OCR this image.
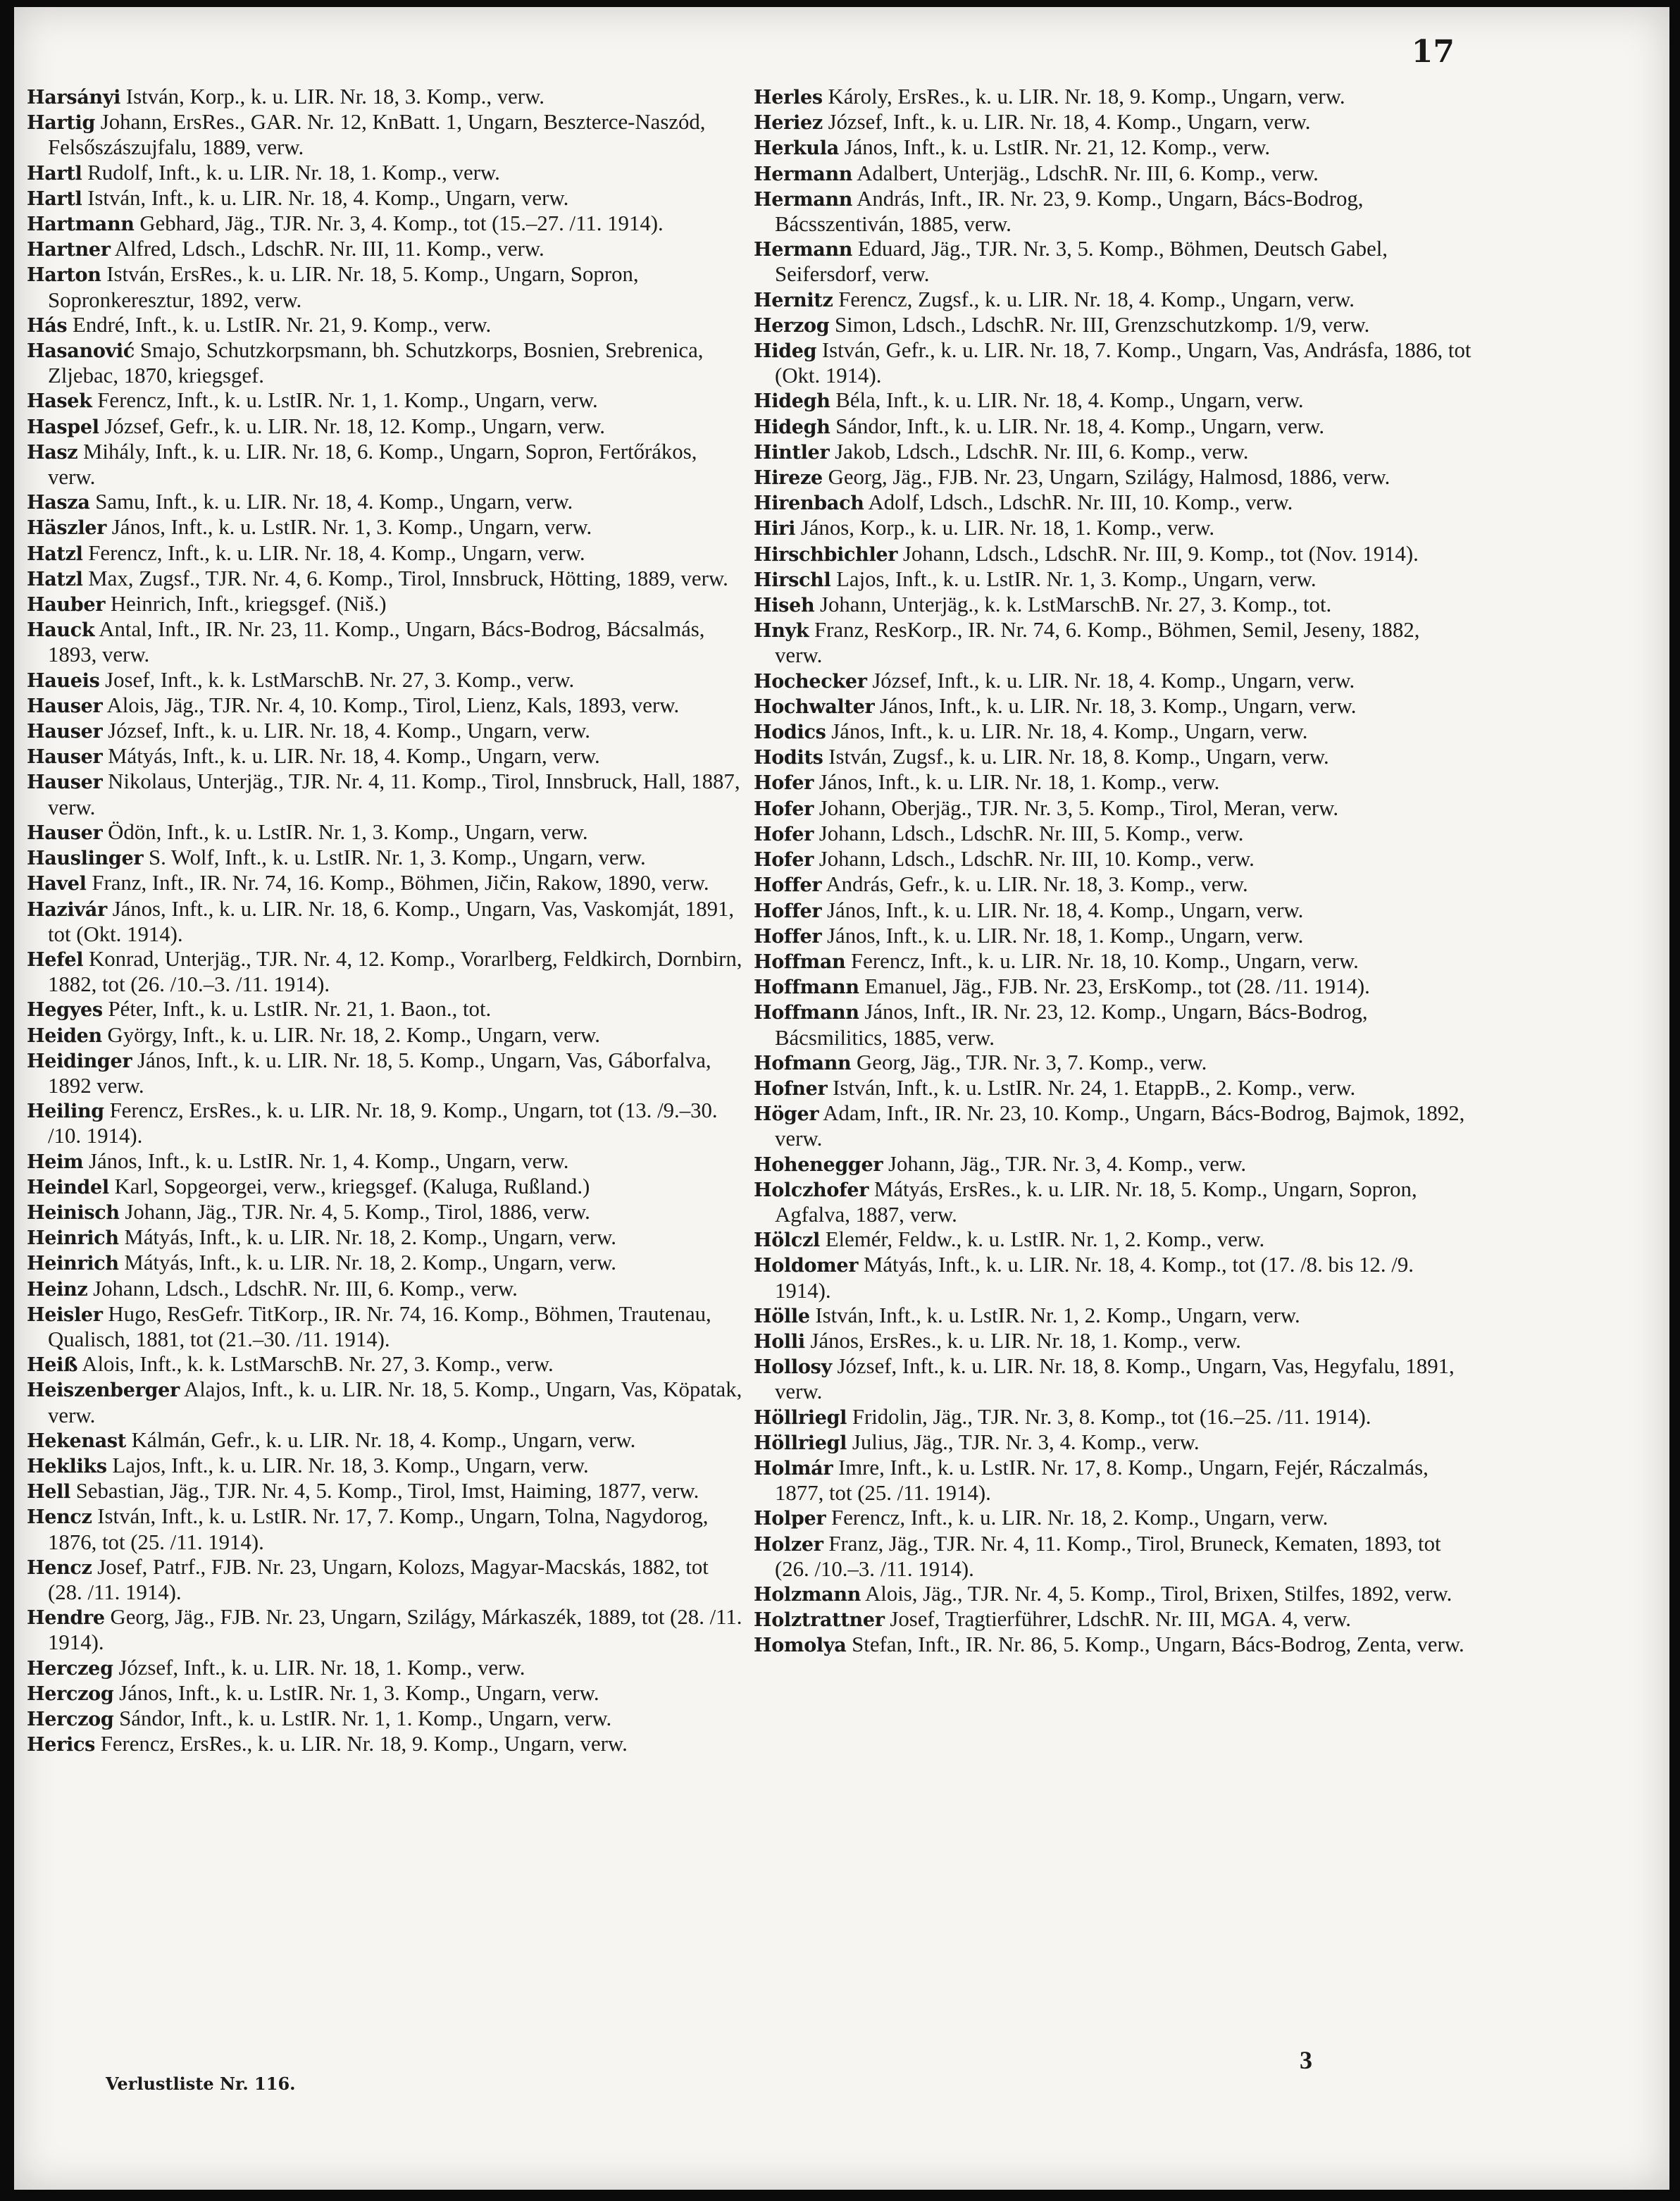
17

Harsányi István, Korp., k. u. LIR. Nr. 18, 3. Komp., verw.

Hartig Johann, ErsRes., GAR. Nr. 12, KnBatt. 1, Ungarn, Beszterce-Naszód, Felsőszászujfalu, 1889, verw.

Hartl Rudolf, Inft., k. u. LIR. Nr. 18, 1. Komp., verw.

Hartl István, Inft., k. u. LIR. Nr. 18, 4. Komp., Ungarn, verw.

Hartmann Gebhard, Jäg., TJR. Nr. 3, 4. Komp., tot (15.–27. /11. 1914).

Hartner Alfred, Ldsch., LdschR. Nr. III, 11. Komp., verw.

Harton István, ErsRes., k. u. LIR. Nr. 18, 5. Komp., Ungarn, Sopron, Sopronkeresztur, 1892, verw.

Hás Endré, Inft., k. u. LstIR. Nr. 21, 9. Komp., verw.

Hasanović Smajo, Schutzkorpsmann, bh. Schutzkorps, Bosnien, Srebrenica, Zljebac, 1870, kriegsgef.

Hasek Ferencz, Inft., k. u. LstIR. Nr. 1, 1. Komp., Ungarn, verw.

Haspel József, Gefr., k. u. LIR. Nr. 18, 12. Komp., Ungarn, verw.

Hasz Mihály, Inft., k. u. LIR. Nr. 18, 6. Komp., Ungarn, Sopron, Fertőrákos, verw.

Hasza Samu, Inft., k. u. LIR. Nr. 18, 4. Komp., Ungarn, verw.

Häszler János, Inft., k. u. LstIR. Nr. 1, 3. Komp., Ungarn, verw.

Hatzl Ferencz, Inft., k. u. LIR. Nr. 18, 4. Komp., Ungarn, verw.

Hatzl Max, Zugsf., TJR. Nr. 4, 6. Komp., Tirol, Innsbruck, Hötting, 1889, verw.

Hauber Heinrich, Inft., kriegsgef. (Niš.)

Hauck Antal, Inft., IR. Nr. 23, 11. Komp., Ungarn, Bács-Bodrog, Bácsalmás, 1893, verw.

Haueis Josef, Inft., k. k. LstMarschB. Nr. 27, 3. Komp., verw.

Hauser Alois, Jäg., TJR. Nr. 4, 10. Komp., Tirol, Lienz, Kals, 1893, verw.

Hauser József, Inft., k. u. LIR. Nr. 18, 4. Komp., Ungarn, verw.

Hauser Mátyás, Inft., k. u. LIR. Nr. 18, 4. Komp., Ungarn, verw.

Hauser Nikolaus, Unterjäg., TJR. Nr. 4, 11. Komp., Tirol, Innsbruck, Hall, 1887, verw.

Hauser Ödön, Inft., k. u. LstIR. Nr. 1, 3. Komp., Ungarn, verw.

Hauslinger S. Wolf, Inft., k. u. LstIR. Nr. 1, 3. Komp., Ungarn, verw.

Havel Franz, Inft., IR. Nr. 74, 16. Komp., Böhmen, Jičin, Rakow, 1890, verw.

Hazivár János, Inft., k. u. LIR. Nr. 18, 6. Komp., Ungarn, Vas, Vaskomját, 1891, tot (Okt. 1914).

Hefel Konrad, Unterjäg., TJR. Nr. 4, 12. Komp., Vorarlberg, Feldkirch, Dornbirn, 1882, tot (26. /10.–3. /11. 1914).

Hegyes Péter, Inft., k. u. LstIR. Nr. 21, 1. Baon., tot.

Heiden György, Inft., k. u. LIR. Nr. 18, 2. Komp., Ungarn, verw.

Heidinger János, Inft., k. u. LIR. Nr. 18, 5. Komp., Ungarn, Vas, Gáborfalva, 1892 verw.

Heiling Ferencz, ErsRes., k. u. LIR. Nr. 18, 9. Komp., Ungarn, tot (13. /9.–30. /10. 1914).

Heim János, Inft., k. u. LstIR. Nr. 1, 4. Komp., Ungarn, verw.

Heindel Karl, Sopgeorgei, verw., kriegsgef. (Kaluga, Rußland.)

Heinisch Johann, Jäg., TJR. Nr. 4, 5. Komp., Tirol, 1886, verw.

Heinrich Mátyás, Inft., k. u. LIR. Nr. 18, 2. Komp., Ungarn, verw.

Heinrich Mátyás, Inft., k. u. LIR. Nr. 18, 2. Komp., Ungarn, verw.

Heinz Johann, Ldsch., LdschR. Nr. III, 6. Komp., verw.

Heisler Hugo, ResGefr. TitKorp., IR. Nr. 74, 16. Komp., Böhmen, Trautenau, Qualisch, 1881, tot (21.–30. /11. 1914).

Heiß Alois, Inft., k. k. LstMarschB. Nr. 27, 3. Komp., verw.

Heiszenberger Alajos, Inft., k. u. LIR. Nr. 18, 5. Komp., Ungarn, Vas, Köpatak, verw.

Hekenast Kálmán, Gefr., k. u. LIR. Nr. 18, 4. Komp., Ungarn, verw.

Hekliks Lajos, Inft., k. u. LIR. Nr. 18, 3. Komp., Ungarn, verw.

Hell Sebastian, Jäg., TJR. Nr. 4, 5. Komp., Tirol, Imst, Haiming, 1877, verw.

Hencz István, Inft., k. u. LstIR. Nr. 17, 7. Komp., Ungarn, Tolna, Nagydorog, 1876, tot (25. /11. 1914).

Hencz Josef, Patrf., FJB. Nr. 23, Ungarn, Kolozs, Magyar-Macskás, 1882, tot (28. /11. 1914).

Hendre Georg, Jäg., FJB. Nr. 23, Ungarn, Szilágy, Márkaszék, 1889, tot (28. /11. 1914).

Herczeg József, Inft., k. u. LIR. Nr. 18, 1. Komp., verw.

Herczog János, Inft., k. u. LstIR. Nr. 1, 3. Komp., Ungarn, verw.

Herczog Sándor, Inft., k. u. LstIR. Nr. 1, 1. Komp., Ungarn, verw.

Herics Ferencz, ErsRes., k. u. LIR. Nr. 18, 9. Komp., Ungarn, verw.

Herles Károly, ErsRes., k. u. LIR. Nr. 18, 9. Komp., Ungarn, verw.

Heriez József, Inft., k. u. LIR. Nr. 18, 4. Komp., Ungarn, verw.

Herkula János, Inft., k. u. LstIR. Nr. 21, 12. Komp., verw.

Hermann Adalbert, Unterjäg., LdschR. Nr. III, 6. Komp., verw.

Hermann András, Inft., IR. Nr. 23, 9. Komp., Ungarn, Bács-Bodrog, Bácsszentiván, 1885, verw.

Hermann Eduard, Jäg., TJR. Nr. 3, 5. Komp., Böhmen, Deutsch Gabel, Seifersdorf, verw.

Hernitz Ferencz, Zugsf., k. u. LIR. Nr. 18, 4. Komp., Ungarn, verw.

Herzog Simon, Ldsch., LdschR. Nr. III, Grenzschutzkomp. 1/9, verw.

Hideg István, Gefr., k. u. LIR. Nr. 18, 7. Komp., Ungarn, Vas, Andrásfa, 1886, tot (Okt. 1914).

Hidegh Béla, Inft., k. u. LIR. Nr. 18, 4. Komp., Ungarn, verw.

Hidegh Sándor, Inft., k. u. LIR. Nr. 18, 4. Komp., Ungarn, verw.

Hintler Jakob, Ldsch., LdschR. Nr. III, 6. Komp., verw.

Hireze Georg, Jäg., FJB. Nr. 23, Ungarn, Szilágy, Halmosd, 1886, verw.

Hirenbach Adolf, Ldsch., LdschR. Nr. III, 10. Komp., verw.

Hiri János, Korp., k. u. LIR. Nr. 18, 1. Komp., verw.

Hirschbichler Johann, Ldsch., LdschR. Nr. III, 9. Komp., tot (Nov. 1914).

Hirschl Lajos, Inft., k. u. LstIR. Nr. 1, 3. Komp., Ungarn, verw.

Hiseh Johann, Unterjäg., k. k. LstMarschB. Nr. 27, 3. Komp., tot.

Hnyk Franz, ResKorp., IR. Nr. 74, 6. Komp., Böhmen, Semil, Jeseny, 1882, verw.

Hochecker József, Inft., k. u. LIR. Nr. 18, 4. Komp., Ungarn, verw.

Hochwalter János, Inft., k. u. LIR. Nr. 18, 3. Komp., Ungarn, verw.

Hodics János, Inft., k. u. LIR. Nr. 18, 4. Komp., Ungarn, verw.

Hodits István, Zugsf., k. u. LIR. Nr. 18, 8. Komp., Ungarn, verw.

Hofer János, Inft., k. u. LIR. Nr. 18, 1. Komp., verw.

Hofer Johann, Oberjäg., TJR. Nr. 3, 5. Komp., Tirol, Meran, verw.

Hofer Johann, Ldsch., LdschR. Nr. III, 5. Komp., verw.

Hofer Johann, Ldsch., LdschR. Nr. III, 10. Komp., verw.

Hoffer András, Gefr., k. u. LIR. Nr. 18, 3. Komp., verw.

Hoffer János, Inft., k. u. LIR. Nr. 18, 4. Komp., Ungarn, verw.

Hoffer János, Inft., k. u. LIR. Nr. 18, 1. Komp., Ungarn, verw.

Hoffman Ferencz, Inft., k. u. LIR. Nr. 18, 10. Komp., Ungarn, verw.

Hoffmann Emanuel, Jäg., FJB. Nr. 23, ErsKomp., tot (28. /11. 1914).

Hoffmann János, Inft., IR. Nr. 23, 12. Komp., Ungarn, Bács-Bodrog, Bácsmilitics, 1885, verw.

Hofmann Georg, Jäg., TJR. Nr. 3, 7. Komp., verw.

Hofner István, Inft., k. u. LstIR. Nr. 24, 1. EtappB., 2. Komp., verw.

Höger Adam, Inft., IR. Nr. 23, 10. Komp., Ungarn, Bács-Bodrog, Bajmok, 1892, verw.

Hohenegger Johann, Jäg., TJR. Nr. 3, 4. Komp., verw.

Holczhofer Mátyás, ErsRes., k. u. LIR. Nr. 18, 5. Komp., Ungarn, Sopron, Agfalva, 1887, verw.

Hölczl Elemér, Feldw., k. u. LstIR. Nr. 1, 2. Komp., verw.

Holdomer Mátyás, Inft., k. u. LIR. Nr. 18, 4. Komp., tot (17. /8. bis 12. /9. 1914).

Hölle István, Inft., k. u. LstIR. Nr. 1, 2. Komp., Ungarn, verw.

Holli János, ErsRes., k. u. LIR. Nr. 18, 1. Komp., verw.

Hollosy József, Inft., k. u. LIR. Nr. 18, 8. Komp., Ungarn, Vas, Hegyfalu, 1891, verw.

Höllriegl Fridolin, Jäg., TJR. Nr. 3, 8. Komp., tot (16.–25. /11. 1914).

Höllriegl Julius, Jäg., TJR. Nr. 3, 4. Komp., verw.

Holmár Imre, Inft., k. u. LstIR. Nr. 17, 8. Komp., Ungarn, Fejér, Ráczalmás, 1877, tot (25. /11. 1914).

Holper Ferencz, Inft., k. u. LIR. Nr. 18, 2. Komp., Ungarn, verw.

Holzer Franz, Jäg., TJR. Nr. 4, 11. Komp., Tirol, Bruneck, Kematen, 1893, tot (26. /10.–3. /11. 1914).

Holzmann Alois, Jäg., TJR. Nr. 4, 5. Komp., Tirol, Brixen, Stilfes, 1892, verw.

Holztrattner Josef, Tragtierführer, LdschR. Nr. III, MGA. 4, verw.

Homolya Stefan, Inft., IR. Nr. 86, 5. Komp., Ungarn, Bács-Bodrog, Zenta, verw.

Verlustliste Nr. 116.
3
